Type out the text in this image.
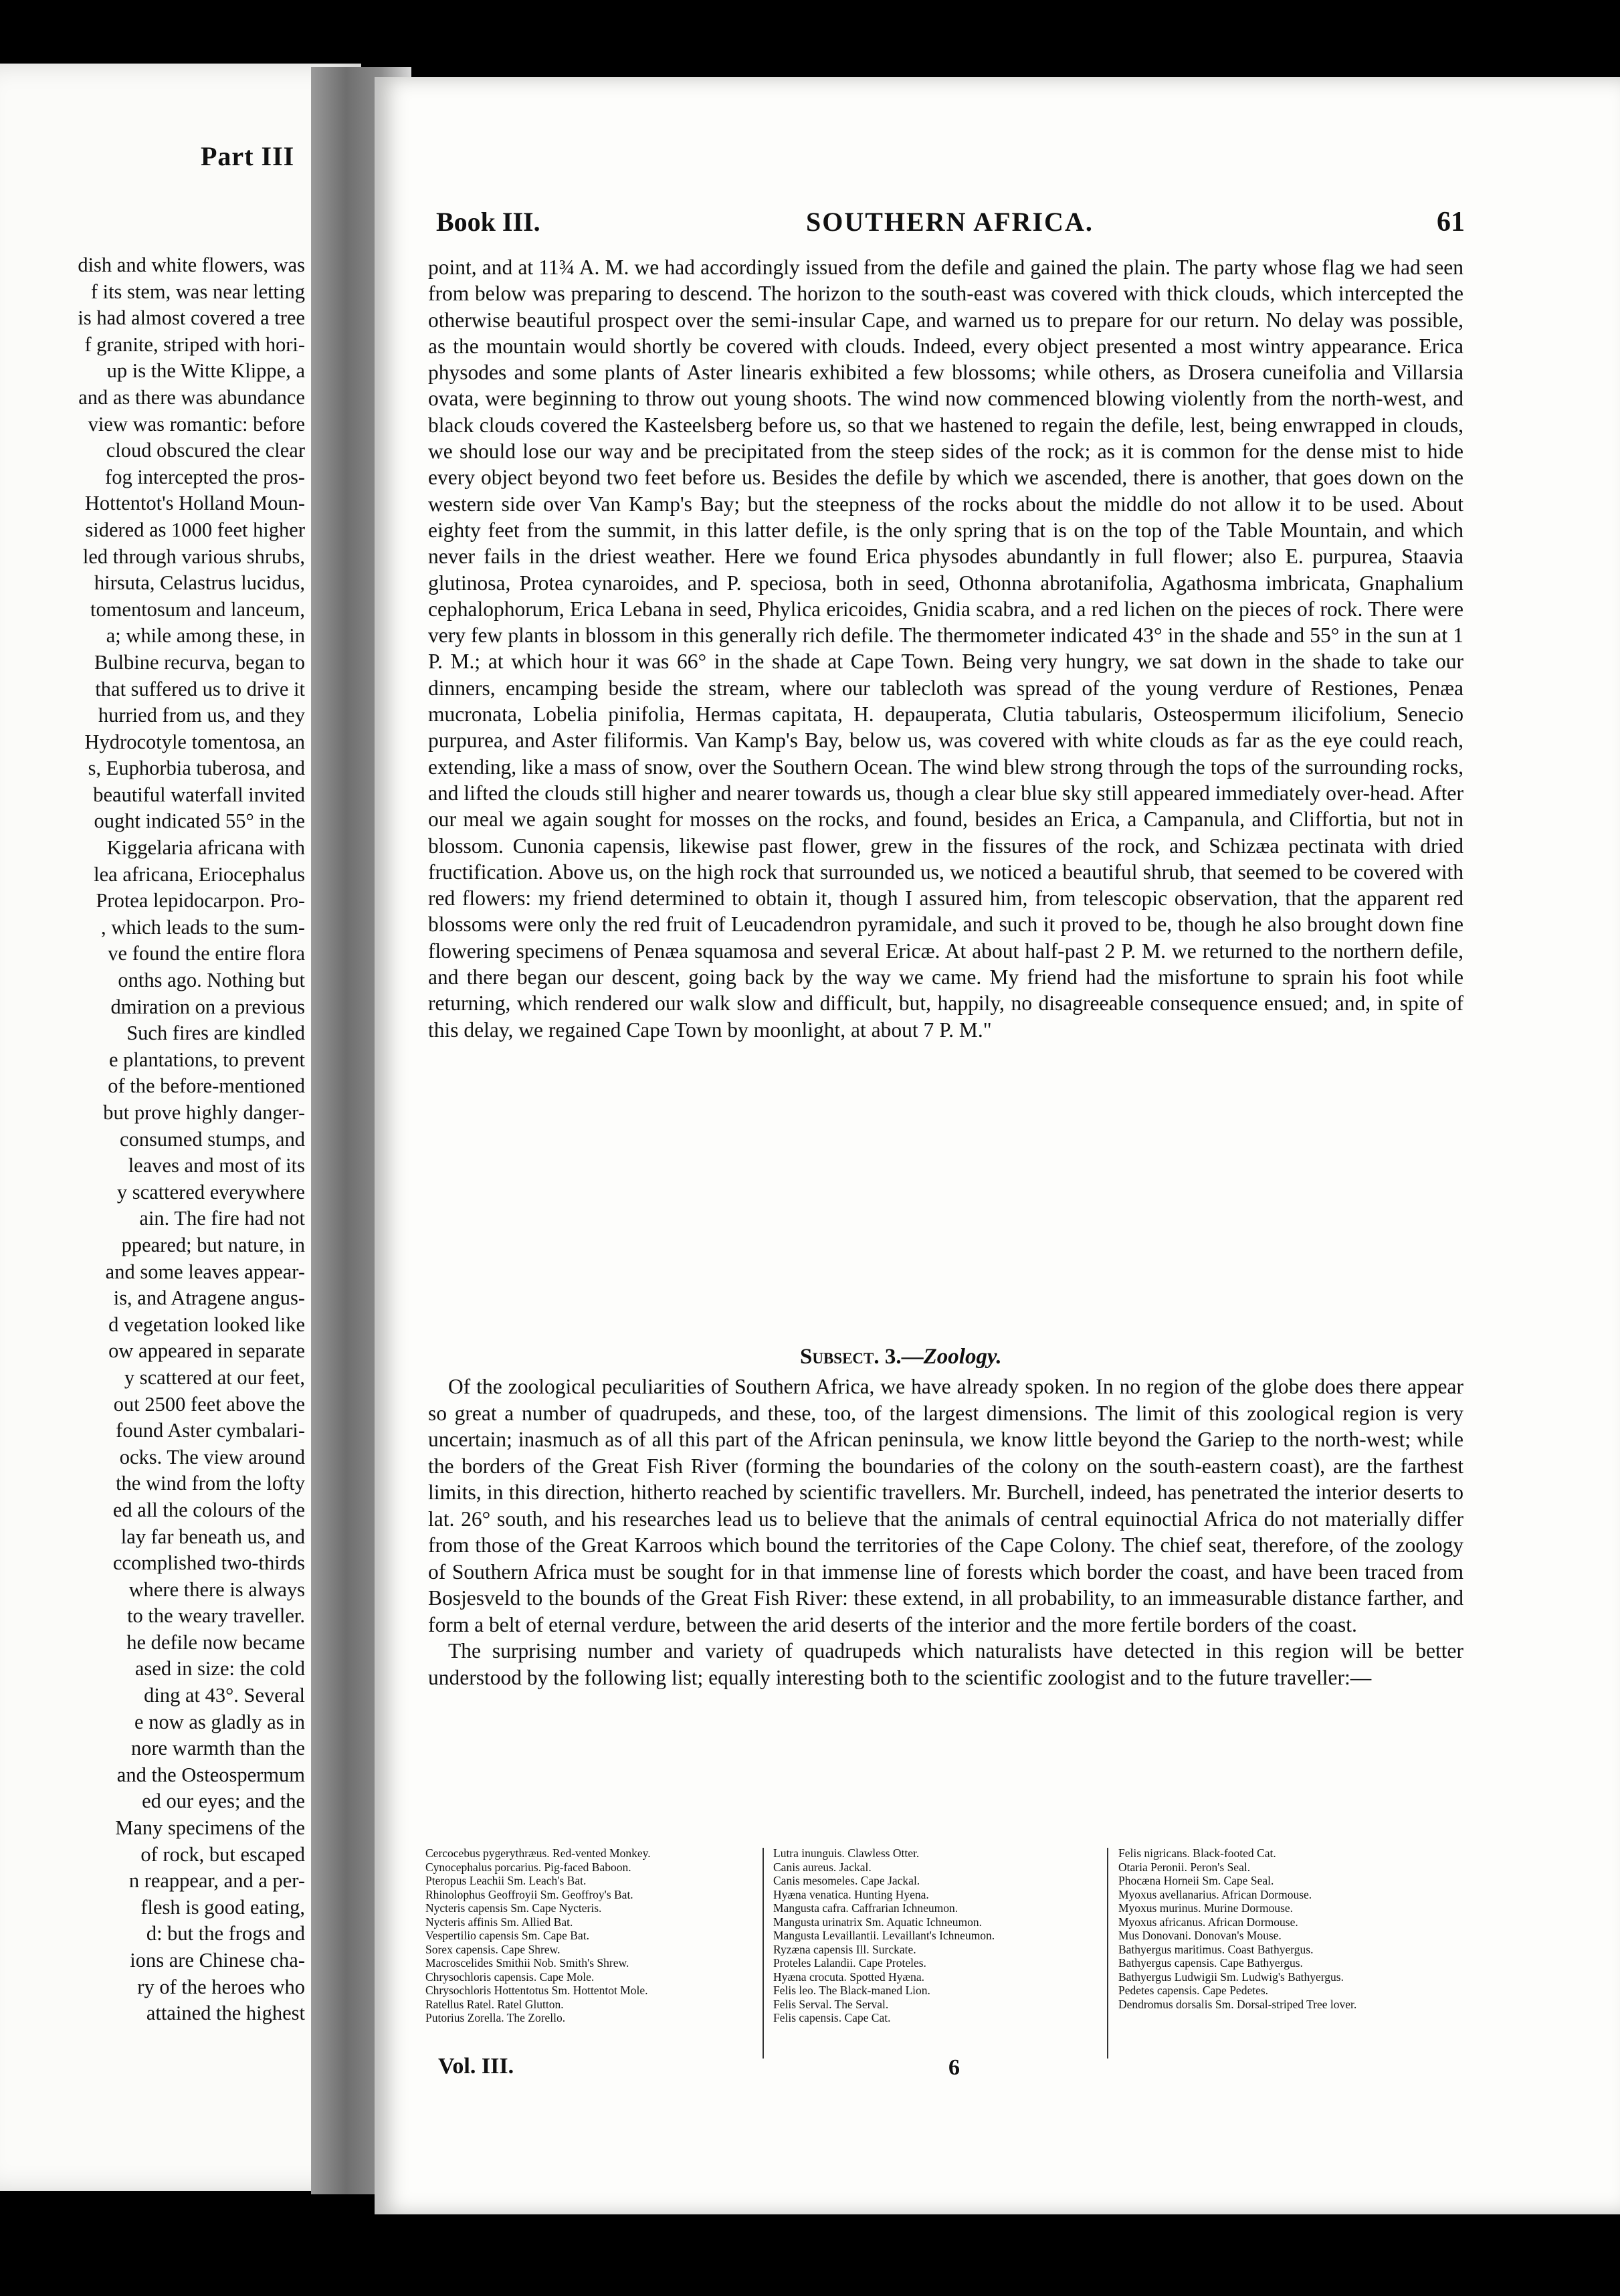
dish and white flowers, was
f its stem, was near letting
is had almost covered a tree
f granite, striped with hori-
up is the Witte Klippe, a
and as there was abundance
view was romantic: before
cloud obscured the clear
fog intercepted the pros-
Hottentot's Holland Moun-
sidered as 1000 feet higher
led through various shrubs,
hirsuta, Celastrus lucidus,
tomentosum and lanceum,
a; while among these, in
Bulbine recurva, began to
that suffered us to drive it
hurried from us, and they
Hydrocotyle tomentosa, an
s, Euphorbia tuberosa, and
beautiful waterfall invited
ought indicated 55° in the
Kiggelaria africana with
lea africana, Eriocephalus
Protea lepidocarpon. Pro-
, which leads to the sum-
ve found the entire flora
onths ago. Nothing but
dmiration on a previous
Such fires are kindled
e plantations, to prevent
of the before-mentioned
but prove highly danger-
consumed stumps, and
leaves and most of its
y scattered everywhere
ain. The fire had not
ppeared; but nature, in
and some leaves appear-
is, and Atragene angus-
d vegetation looked like
ow appeared in separate
y scattered at our feet,
out 2500 feet above the
found Aster cymbalari-
ocks. The view around
the wind from the lofty
ed all the colours of the
lay far beneath us, and
ccomplished two-thirds
where there is always
to the weary traveller.
he defile now became
ased in size: the cold
ding at 43°. Several
e now as gladly as in
nore warmth than the
and the Osteospermum
ed our eyes; and the
Many specimens of the
of rock, but escaped
n reappear, and a per-
flesh is good eating,
d: but the frogs and
ions are Chinese cha-
ry of the heroes who
attained the highest
Part III
Book III.	SOUTHERN AFRICA.	61

point, and at 11¾ A. M. we had accordingly issued from the defile and gained the plain. The party whose flag we had seen from below was preparing to descend. The horizon to the south-east was covered with thick clouds, which intercepted the otherwise beautiful prospect over the semi-insular Cape, and warned us to prepare for our return. No delay was possible, as the mountain would shortly be covered with clouds. Indeed, every object presented a most wintry appearance. Erica physodes and some plants of Aster linearis exhibited a few blossoms; while others, as Drosera cuneifolia and Villarsia ovata, were beginning to throw out young shoots. The wind now commenced blowing violently from the north-west, and black clouds covered the Kasteelsberg before us, so that we hastened to regain the defile, lest, being enwrapped in clouds, we should lose our way and be precipitated from the steep sides of the rock; as it is common for the dense mist to hide every object beyond two feet before us. Besides the defile by which we ascended, there is another, that goes down on the western side over Van Kamp's Bay; but the steepness of the rocks about the middle do not allow it to be used. About eighty feet from the summit, in this latter defile, is the only spring that is on the top of the Table Mountain, and which never fails in the driest weather. Here we found Erica physodes abundantly in full flower; also E. purpurea, Staavia glutinosa, Protea cynaroides, and P. speciosa, both in seed, Othonna abrotanifolia, Agathosma imbricata, Gnaphalium cephalophorum, Erica Lebana in seed, Phylica ericoides, Gnidia scabra, and a red lichen on the pieces of rock. There were very few plants in blossom in this generally rich defile. The thermometer indicated 43° in the shade and 55° in the sun at 1 P. M.; at which hour it was 66° in the shade at Cape Town. Being very hungry, we sat down in the shade to take our dinners, encamping beside the stream, where our tablecloth was spread of the young verdure of Restiones, Penæa mucronata, Lobelia pinifolia, Hermas capitata, H. depauperata, Clutia tabularis, Osteospermum ilicifolium, Senecio purpurea, and Aster filiformis. Van Kamp's Bay, below us, was covered with white clouds as far as the eye could reach, extending, like a mass of snow, over the Southern Ocean. The wind blew strong through the tops of the surrounding rocks, and lifted the clouds still higher and nearer towards us, though a clear blue sky still appeared immediately over-head. After our meal we again sought for mosses on the rocks, and found, besides an Erica, a Campanula, and Cliffortia, but not in blossom. Cunonia capensis, likewise past flower, grew in the fissures of the rock, and Schizæa pectinata with dried fructification. Above us, on the high rock that surrounded us, we noticed a beautiful shrub, that seemed to be covered with red flowers: my friend determined to obtain it, though I assured him, from telescopic observation, that the apparent red blossoms were only the red fruit of Leucadendron pyramidale, and such it proved to be, though he also brought down fine flowering specimens of Penæa squamosa and several Ericæ. At about half-past 2 P. M. we returned to the northern defile, and there began our descent, going back by the way we came. My friend had the misfortune to sprain his foot while returning, which rendered our walk slow and difficult, but, happily, no disagreeable consequence ensued; and, in spite of this delay, we regained Cape Town by moonlight, at about 7 P. M."

Subsect. 3.—Zoology.

Of the zoological peculiarities of Southern Africa, we have already spoken. In no region of the globe does there appear so great a number of quadrupeds, and these, too, of the largest dimensions. The limit of this zoological region is very uncertain; inasmuch as of all this part of the African peninsula, we know little beyond the Gariep to the north-west; while the borders of the Great Fish River (forming the boundaries of the colony on the south-eastern coast), are the farthest limits, in this direction, hitherto reached by scientific travellers. Mr. Burchell, indeed, has penetrated the interior deserts to lat. 26° south, and his researches lead us to believe that the animals of central equinoctial Africa do not materially differ from those of the Great Karroos which bound the territories of the Cape Colony. The chief seat, therefore, of the zoology of Southern Africa must be sought for in that immense line of forests which border the coast, and have been traced from Bosjesveld to the bounds of the Great Fish River: these extend, in all probability, to an immeasurable distance farther, and form a belt of eternal verdure, between the arid deserts of the interior and the more fertile borders of the coast.

The surprising number and variety of quadrupeds which naturalists have detected in this region will be better understood by the following list; equally interesting both to the scientific zoologist and to the future traveller:—

Cercocebus pygerythræus. Red-vented Monkey.
Cynocephalus porcarius. Pig-faced Baboon.
Pteropus Leachii Sm. Leach's Bat.
Rhinolophus Geoffroyii Sm. Geoffroy's Bat.
Nycteris capensis Sm. Cape Nycteris.
Nycteris affinis Sm. Allied Bat.
Vespertilio capensis Sm. Cape Bat.
Sorex capensis. Cape Shrew.
Macroscelides Smithii Nob. Smith's Shrew.
Chrysochloris capensis. Cape Mole.
Chrysochloris Hottentotus Sm. Hottentot Mole.
Ratellus Ratel. Ratel Glutton.
Putorius Zorella. The Zorello.
Lutra inunguis. Clawless Otter.
Canis aureus. Jackal.
Canis mesomeles. Cape Jackal.
Hyæna venatica. Hunting Hyena.
Mangusta cafra. Caffrarian Ichneumon.
Mangusta urinatrix Sm. Aquatic Ichneumon.
Mangusta Levaillantii. Levaillant's Ichneumon.
Ryzæna capensis Ill. Surckate.
Proteles Lalandii. Cape Proteles.
Hyæna crocuta. Spotted Hyæna.
Felis leo. The Black-maned Lion.
Felis Serval. The Serval.
Felis capensis. Cape Cat.
Felis nigricans. Black-footed Cat.
Otaria Peronii. Peron's Seal.
Phocæna Horneii Sm. Cape Seal.
Myoxus avellanarius. African Dormouse.
Myoxus murinus. Murine Dormouse.
Myoxus africanus. African Dormouse.
Mus Donovani. Donovan's Mouse.
Bathyergus maritimus. Coast Bathyergus.
Bathyergus capensis. Cape Bathyergus.
Bathyergus Ludwigii Sm. Ludwig's Bathyergus.
Pedetes capensis. Cape Pedetes.
Dendromus dorsalis Sm. Dorsal-striped Tree lover.
Vol. III.	6
